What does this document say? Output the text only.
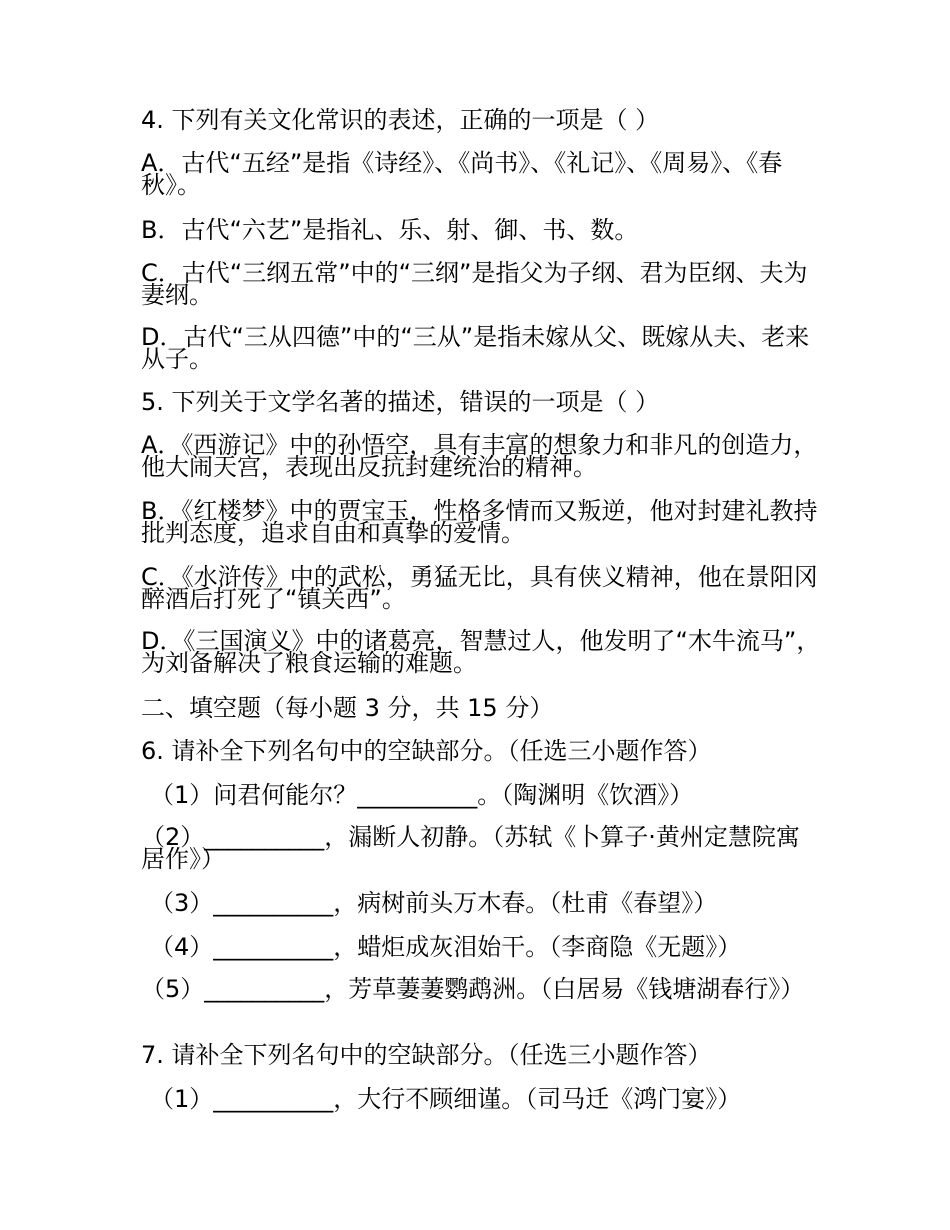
4. 下列有关文化常识的表述，正确的一项是（ ）
A．古代“五经”是指《诗经》、《尚书》、《礼记》、《周易》、《春秋》。
B．古代“六艺”是指礼、乐、射、御、书、数。
C．古代“三纲五常”中的“三纲”是指父为子纲、君为臣纲、夫为妻纲。
D．古代“三从四德”中的“三从”是指未嫁从父、既嫁从夫、老来从子。
5. 下列关于文学名著的描述，错误的一项是（ ）
A．《西游记》中的孙悟空，具有丰富的想象力和非凡的创造力，他大闹天宫，表现出反抗封建统治的精神。
B．《红楼梦》中的贾宝玉，性格多情而又叛逆，他对封建礼教持批判态度，追求自由和真挚的爱情。
C．《水浒传》中的武松，勇猛无比，具有侠义精神，他在景阳冈醉酒后打死了“镇关西”。
D．《三国演义》中的诸葛亮，智慧过人，他发明了“木牛流马”，为刘备解决了粮食运输的难题。
二、填空题（每小题 3 分，共 15 分）
6. 请补全下列名句中的空缺部分。（任选三小题作答）
（1）问君何能尔？__________。（陶渊明《饮酒》）
（2）__________，漏断人初静。（苏轼《卜算子·黄州定慧院寓居作》）
（3）__________，病树前头万木春。（杜甫《春望》）
（4）__________，蜡炬成灰泪始干。（李商隐《无题》）
（5）__________，芳草萋萋鹦鹉洲。（白居易《钱塘湖春行》）
7. 请补全下列名句中的空缺部分。（任选三小题作答）
（1）__________，大行不顾细谨。（司马迁《鸿门宴》）
